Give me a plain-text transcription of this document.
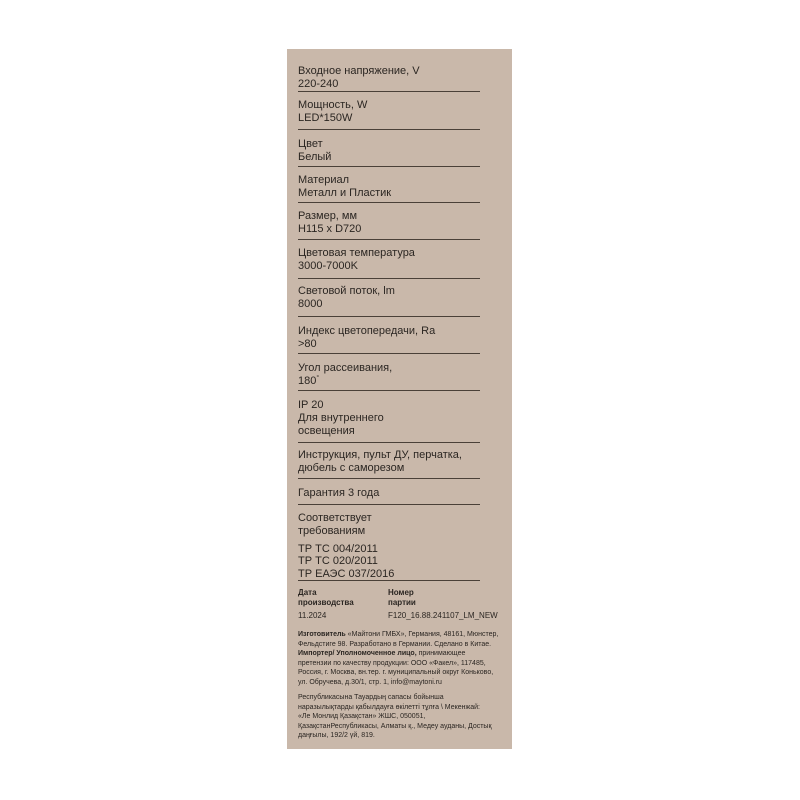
Входное напряжение, V
220-240
Мощность, W
LED*150W
Цвет
Белый
Материал
Металл и Пластик
Размер, мм
H115 x D720
Цветовая температура
3000-7000K
Световой поток, lm
8000
Индекс цветопередачи, Ra
>80
Угол рассеивания,
180°
IP 20
Для внутреннего
освещения
Инструкция, пульт ДУ, перчатка,
дюбель с саморезом
Гарантия 3 года
Соответствует
требованиям
ТР ТС 004/2011
ТР ТС 020/2011
ТР ЕАЭС 037/2016
Дата
производства
11.2024
Номер
партии
F120_16.88.241107_LM_NEW
Изготовитель «Майтони ГМБХ», Германия, 48161, Мюнстер,
Фельдстиге 98. Разработано в Германии. Сделано в Китае.
Импортер/ Уполномоченное лицо, принимающее
претензии по качеству продукции: ООО «Факел», 117485,
Россия, г. Москва, вн.тер. г. муниципальный округ Коньково,
ул. Обручева, д.30/1, стр. 1, info@maytoni.ru
Республикасына Тауардың сапасы бойынша
наразылықтарды қабылдауға өкілетті тұлға \ Мекенжай:
«Ле Монлид Қазақстан» ЖШС, 050051,
ҚазақстанРеспубликасы, Алматы қ., Медеу ауданы, Достық
даңғылы, 192/2 үй, 819.
